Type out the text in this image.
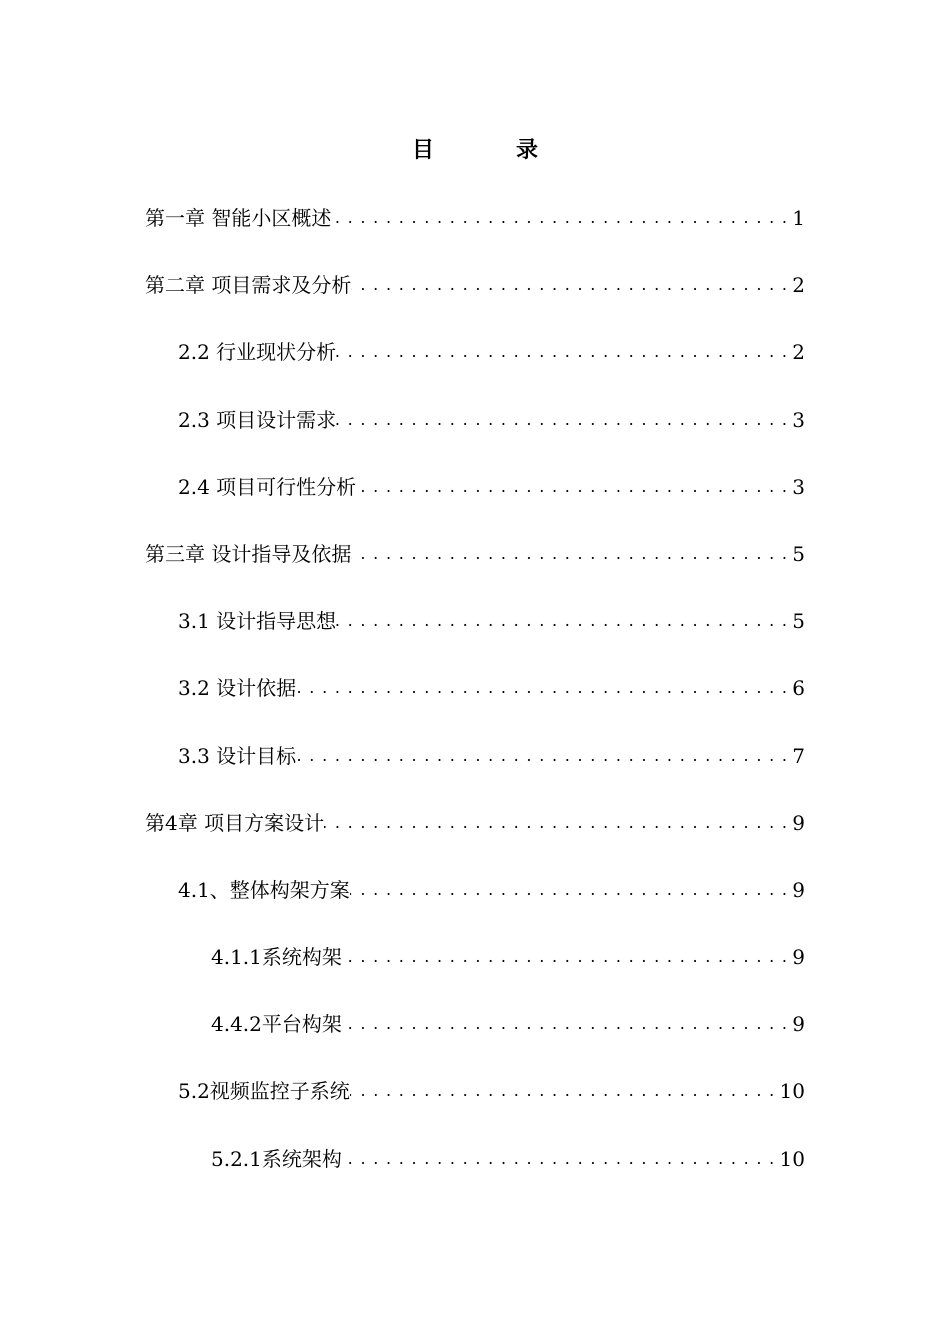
目　录
第一章 智能小区概述 . . .	1
第二章 项目需求及分析 . . .	2
2.2 行业现状分析 . . .	2
2.3 项目设计需求 . . .	3
2.4 项目可行性分析 . . .	3
第三章 设计指导及依据 . . .	5
3.1 设计指导思想 . . .	5
3.2 设计依据 . . .	6
3.3 设计目标 . . .	7
第4章 项目方案设计 . . .	9
4.1、整体构架方案 . . .	9
4.1.1系统构架 . . .	9
4.4.2平台构架 . . .	9
5.2视频监控子系统 . . .	10
5.2.1系统架构 . . .	10
